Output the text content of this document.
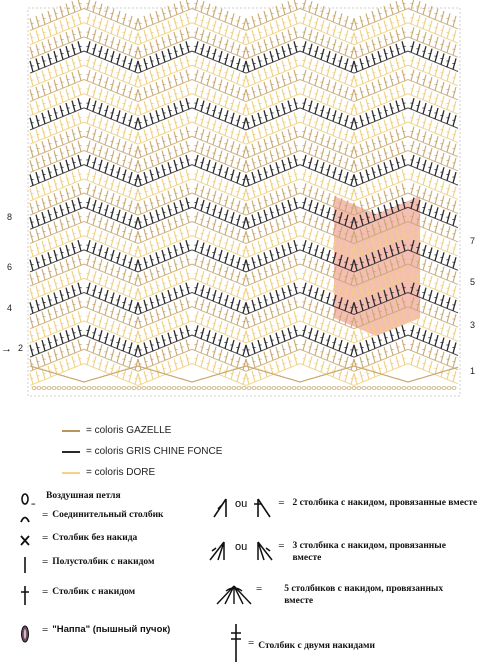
8
6
4
2
→
7
5
3
1
= coloris GAZELLE
= coloris GRIS CHINE FONCE
= coloris DORE
=
Воздушная петля
= Соединительный столбик
= Столбик без накида
= Полустолбик с накидом
= Столбик с накидом
= "Наппа" (пышный пучок)
ou	= 2 столбика с накидом, провязанные вместе
ou	= 3 столбика с накидом, провязанные вместе
= 5 столбиков с накидом, провязанных вместе
= Столбик с двумя накидами
